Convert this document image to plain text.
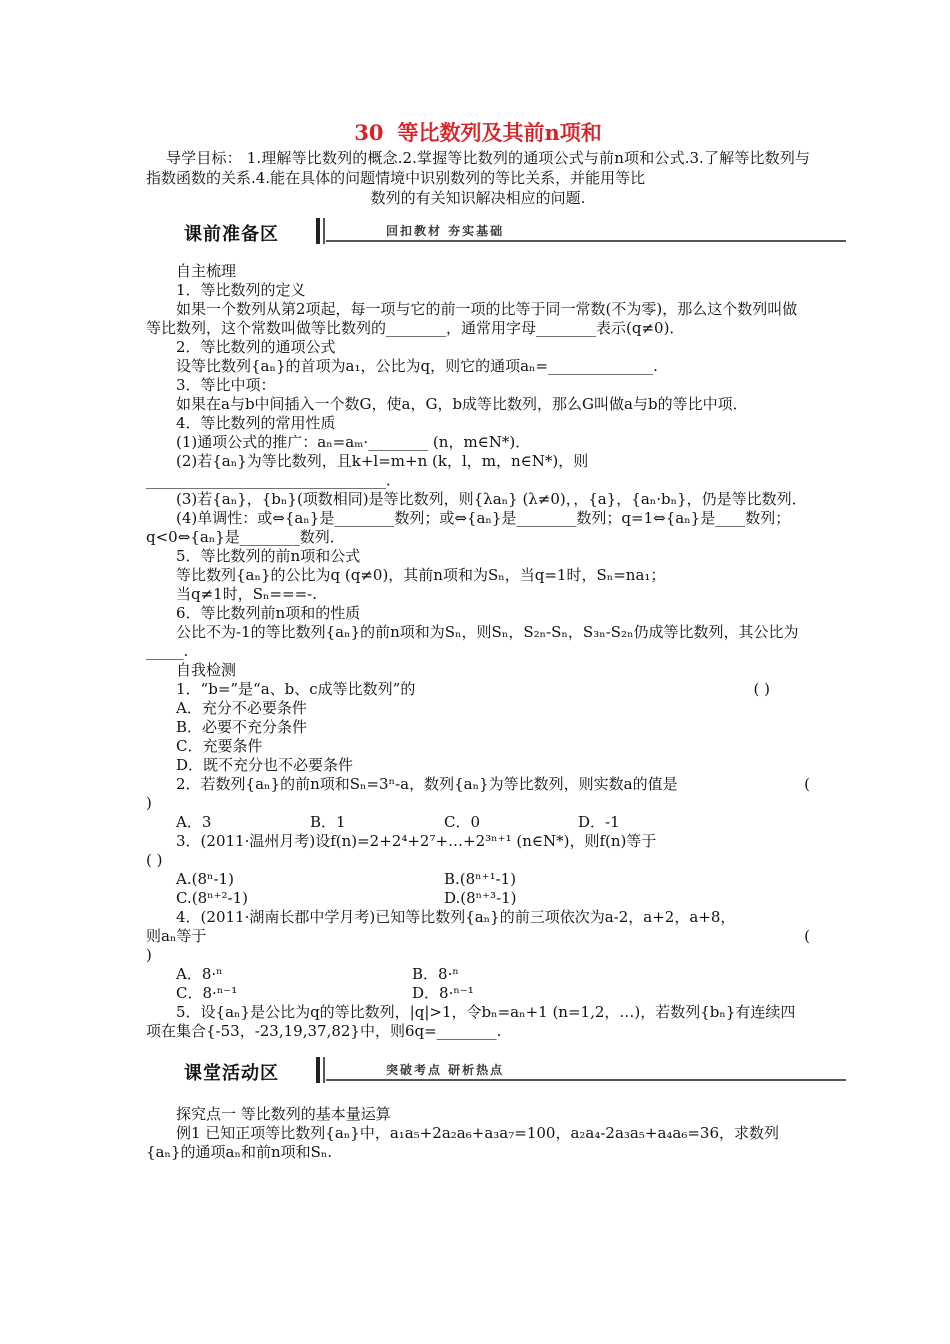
30 等比数列及其前n项和
导学目标： 1.理解等比数列的概念.2.掌握等比数列的通项公式与前n项和公式.3.了解等比数列与指数函数的关系.4.能在具体的问题情境中识别数列的等比关系，并能用等比
数列的有关知识解决相应的问题.
课前准备区	回扣教材 夯实基础

自主梳理

1．等比数列的定义

如果一个数列从第2项起，每一项与它的前一项的比等于同一常数(不为零)，那么这个数列叫做等比数列，这个常数叫做等比数列的________，通常用字母________表示(q≠0)．

2．等比数列的通项公式

设等比数列{aₙ}的首项为a₁，公比为q，则它的通项aₙ=______________.

3．等比中项：

如果在a与b中间插入一个数G，使a，G，b成等比数列，那么G叫做a与b的等比中项．

4．等比数列的常用性质

(1)通项公式的推广：aₙ=aₘ·________ (n，m∈N*)．

(2)若{aₙ}为等比数列，且k+l=m+n (k，l，m，n∈N*)，则________________________________．

(3)若{aₙ}，{bₙ}(项数相同)是等比数列，则{λaₙ} (λ≠0)，，{a}，{aₙ·bₙ}，仍是等比数列．

(4)单调性：或⇔{aₙ}是________数列；或⇔{aₙ}是________数列；q=1⇔{aₙ}是____数列；q<0⇔{aₙ}是________数列．

5．等比数列的前n项和公式

等比数列{aₙ}的公比为q (q≠0)，其前n项和为Sₙ，当q=1时，Sₙ=na₁；

当q≠1时，Sₙ===-.

6．等比数列前n项和的性质

公比不为-1的等比数列{aₙ}的前n项和为Sₙ，则Sₙ，S₂ₙ-Sₙ，S₃ₙ-S₂ₙ仍成等比数列，其公比为_____.

自我检测

1．“b=”是“a、b、c成等比数列”的	( )

A．充分不必要条件

B．必要不充分条件

C．充要条件

D．既不充分也不必要条件

2．若数列{aₙ}的前n项和Sₙ=3ⁿ-a，数列{aₙ}为等比数列，则实数a的值是	(

)

A．3	B．1	C．0	D．-1

3．(2011·温州月考)设f(n)=2+2⁴+2⁷+…+2³ⁿ⁺¹ (n∈N*)，则f(n)等于

( )

A.(8ⁿ-1)	B.(8ⁿ⁺¹-1)
C.(8ⁿ⁺²-1)	D.(8ⁿ⁺³-1)

4．(2011·湖南长郡中学月考)已知等比数列{aₙ}的前三项依次为a-2，a+2，a+8，

则aₙ等于	(

)

A．8·ⁿ	B．8·ⁿ
C．8·ⁿ⁻¹	D．8·ⁿ⁻¹

5．设{aₙ}是公比为q的等比数列，|q|>1，令bₙ=aₙ+1 (n=1,2，…)，若数列{bₙ}有连续四项在集合{-53，-23,19,37,82}中，则6q=________.

课堂活动区	突破考点 研析热点

探究点一 等比数列的基本量运算

例1 已知正项等比数列{aₙ}中，a₁a₅+2a₂a₆+a₃a₇=100，a₂a₄-2a₃a₅+a₄a₆=36，求数列{aₙ}的通项aₙ和前n项和Sₙ.
